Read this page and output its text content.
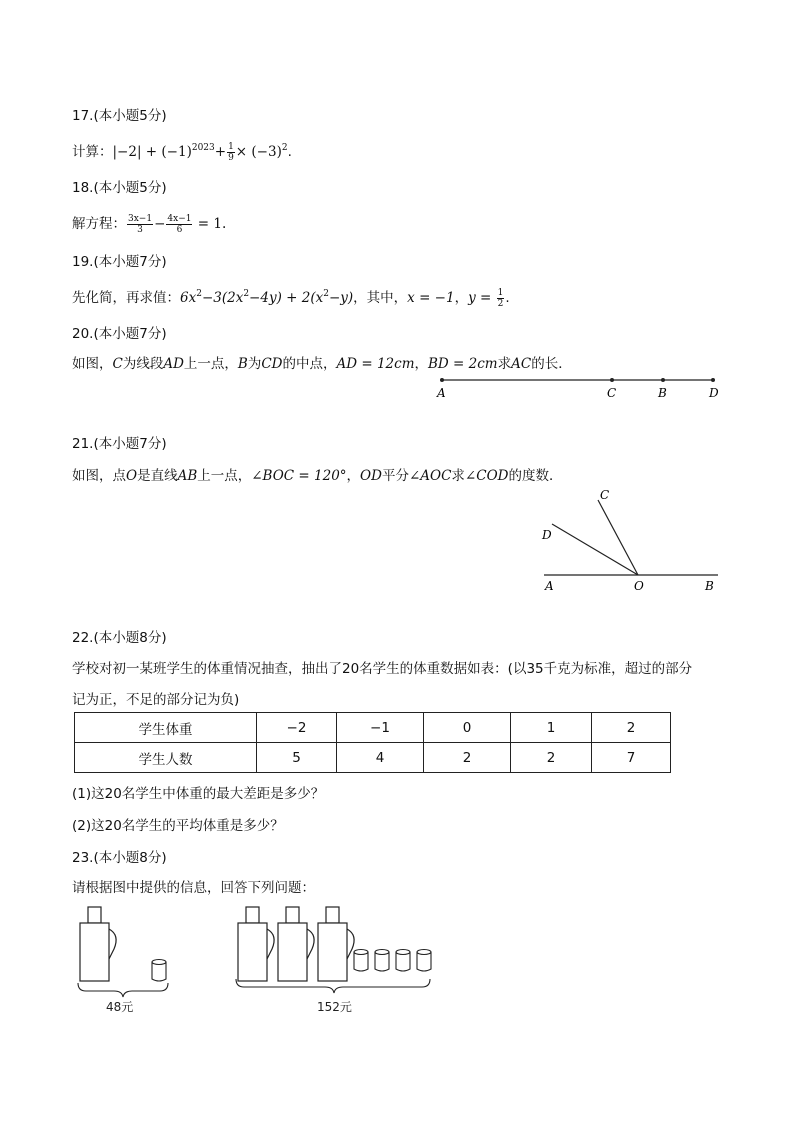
17.(本小题5分)
计算：$|-2| + (-1)^{2023}+ \frac{1}{9} \times (-3)^2$.
18.(本小题5分)
解方程： $\frac{3x-1}{3} - \frac{4x-1}{6} = 1$.
19.(本小题7分)
先化简，再求值：$6x^2-3(2x^2-4y) + 2(x^2-y)$，其中，x = −1，$y = \frac{1}{2}$ .
20.(本小题7分)
如图，C为线段AD上一点，B为CD的中点，AD = 12cm，BD = 2cm求AC的长．
A	C	B	D
21.(本小题7分)
如图，点O是直线AB上一点，∠BOC = 120°，OD平分∠AOC求∠COD的度数．
C
D
A	O	B
22.(本小题8分)
学校对初一某班学生的体重情况抽查，抽出了20名学生的体重数据如表：(以35千克为标准，超过的部分
记为正，不足的部分记为负)
学生体重	−2	−1	0	1	2
学生人数	5	4	2	2	7
(1)这20名学生中体重的最大差距是多少？
(2)这20名学生的平均体重是多少？
23.(本小题8分)
请根据图中提供的信息，回答下列问题：
48元	152元
